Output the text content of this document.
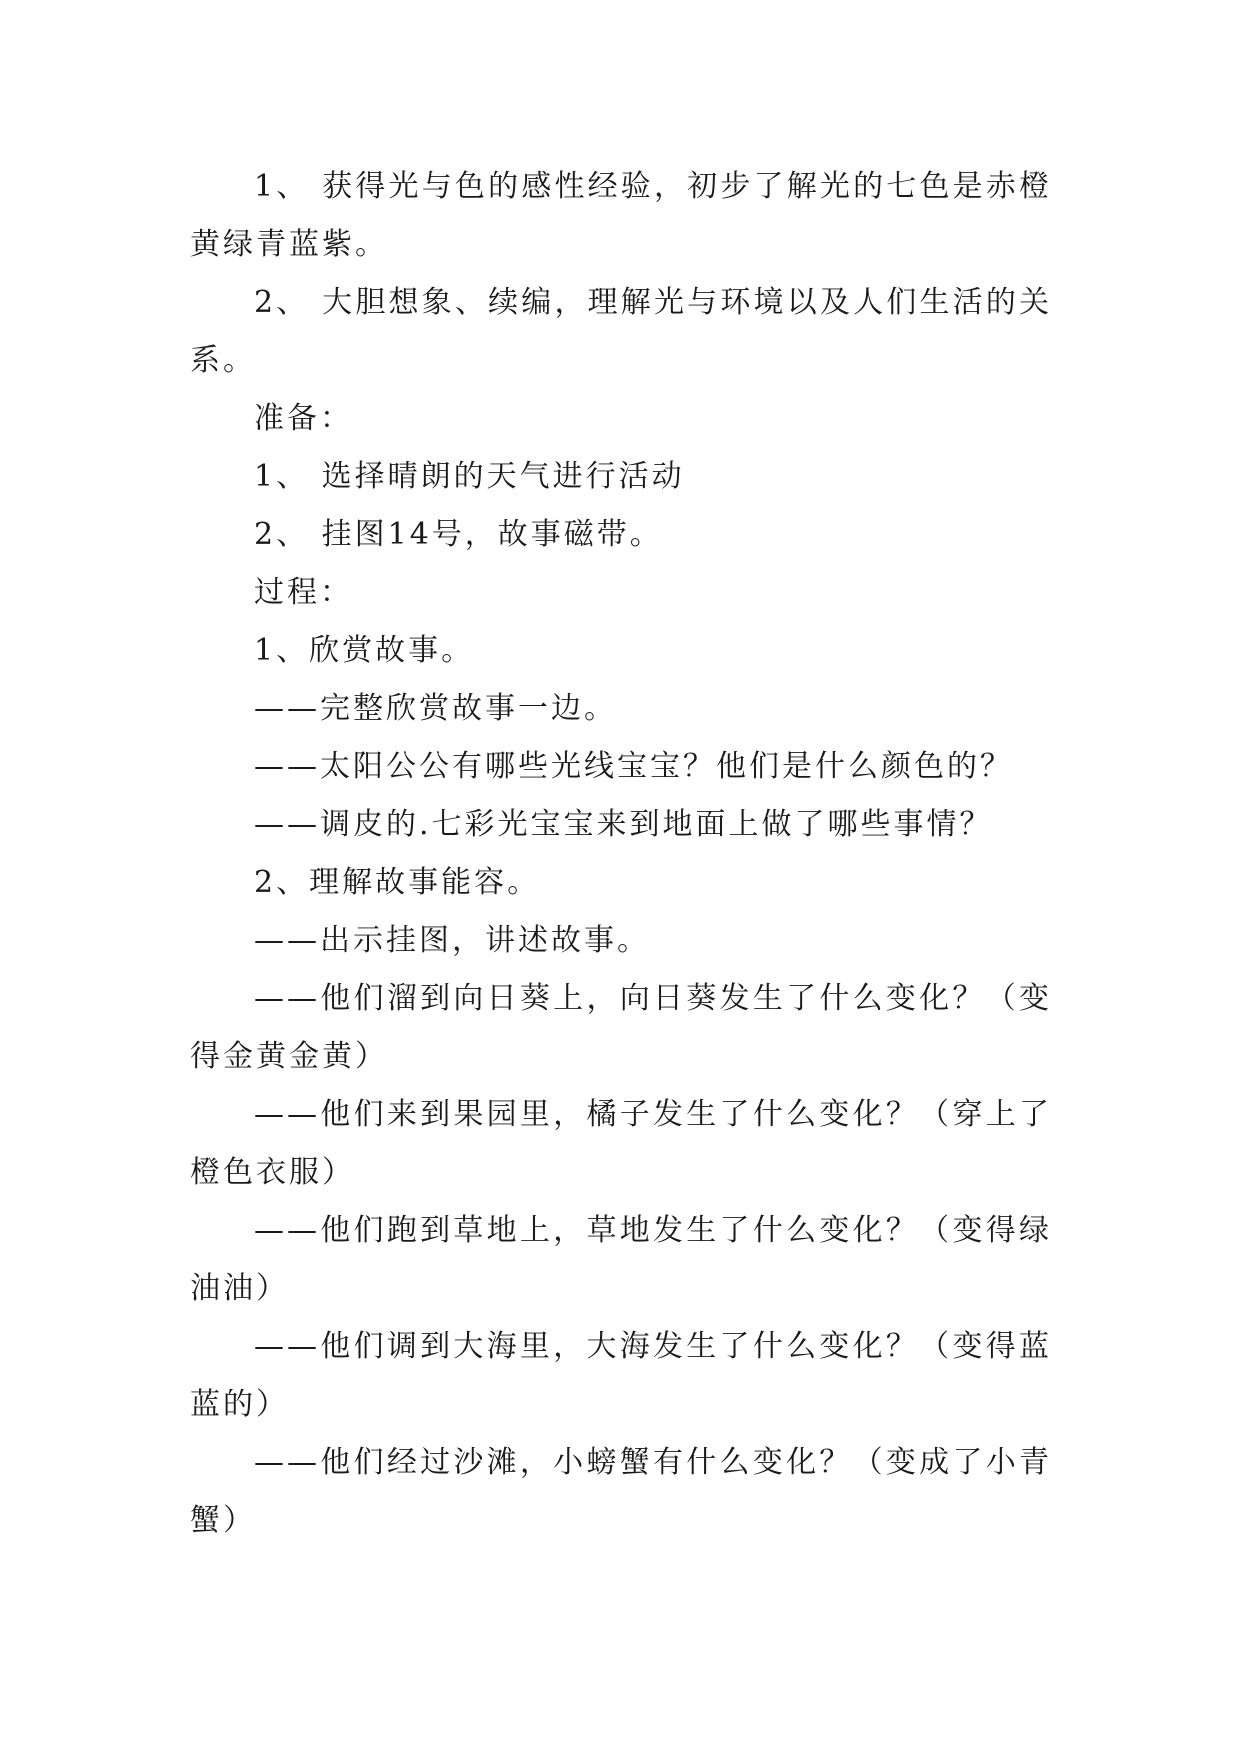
1、 获得光与色的感性经验，初步了解光的七色是赤橙黄绿青蓝紫。

2、 大胆想象、续编，理解光与环境以及人们生活的关系。

准备：

1、 选择晴朗的天气进行活动

2、 挂图14号，故事磁带。

过程：

1、欣赏故事。

——完整欣赏故事一边。

——太阳公公有哪些光线宝宝？他们是什么颜色的？

——调皮的.七彩光宝宝来到地面上做了哪些事情？

2、理解故事能容。

——出示挂图，讲述故事。

——他们溜到向日葵上，向日葵发生了什么变化？（变得金黄金黄）

——他们来到果园里，橘子发生了什么变化？（穿上了橙色衣服）

——他们跑到草地上，草地发生了什么变化？（变得绿油油）

——他们调到大海里，大海发生了什么变化？（变得蓝蓝的）

——他们经过沙滩，小螃蟹有什么变化？（变成了小青蟹）
